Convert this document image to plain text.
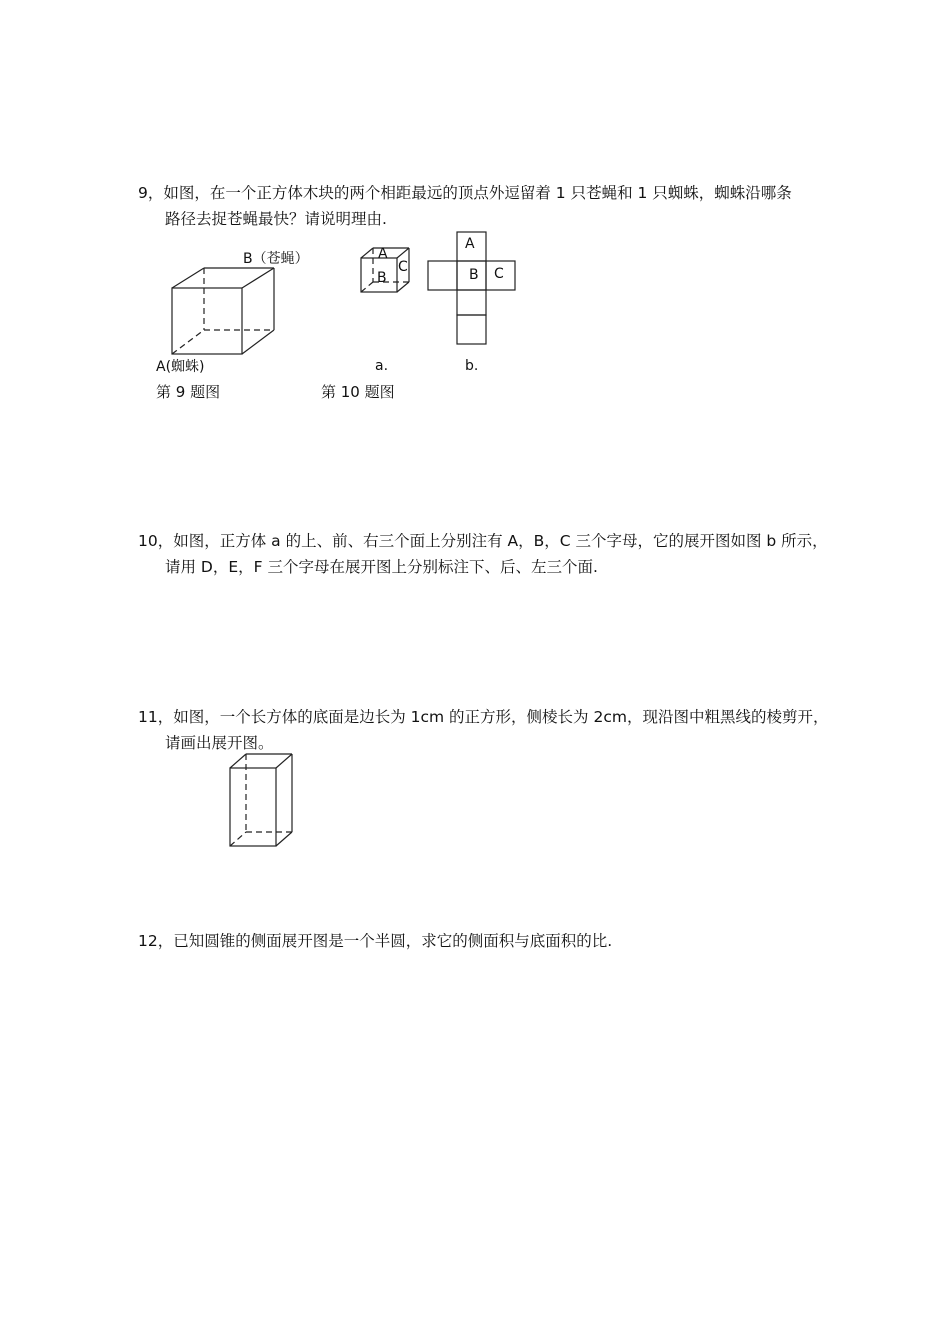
9，如图，在一个正方体木块的两个相距最远的顶点外逗留着 1 只苍蝇和 1 只蜘蛛，蜘蛛沿哪条
路径去捉苍蝇最快？请说明理由.
B（苍蝇）
A(蜘蛛)
第 9 题图
A
B
C
a.
A
B C
b.
第 10 题图
10，如图，正方体 a 的上、前、右三个面上分别注有 A，B，C 三个字母，它的展开图如图 b 所示，
请用 D，E，F 三个字母在展开图上分别标注下、后、左三个面.
11，如图，一个长方体的底面是边长为 1cm 的正方形，侧棱长为 2cm，现沿图中粗黑线的棱剪开，
请画出展开图。
12，已知圆锥的侧面展开图是一个半圆，求它的侧面积与底面积的比.
